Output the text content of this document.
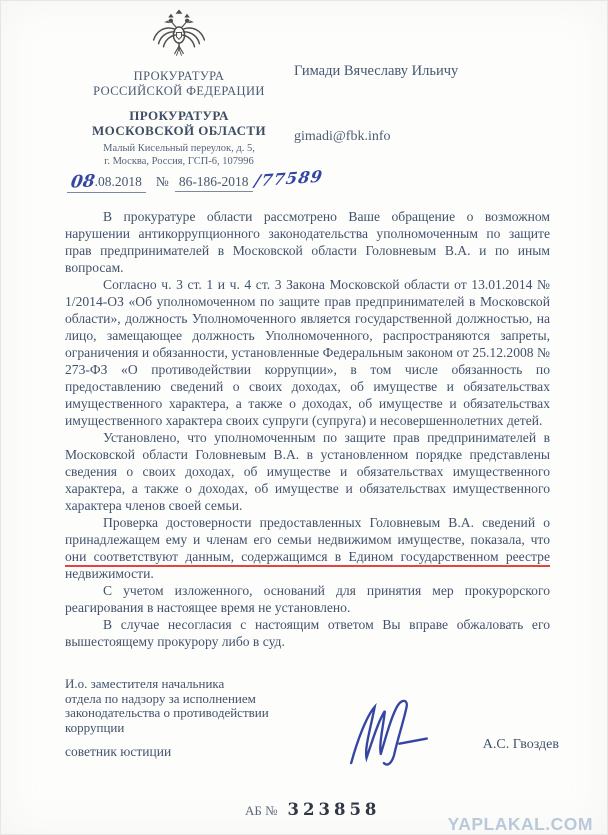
ПРОКУРАТУРА
РОССИЙСКОЙ ФЕДЕРАЦИИ
ПРОКУРАТУРА
МОСКОВСКОЙ ОБЛАСТИ
Малый Кисельный переулок, д. 5,
г. Москва, Россия, ГСП-6, 107996
Гимади Вячеславу Ильичу
gimadi@fbk.info
08.08.2018 № 86-186-2018 /77589

В прокуратуре области рассмотрено Ваше обращение о возможном нарушении антикоррупционного законодательства уполномоченным по защите прав предпринимателей в Московской области Головневым В.А. и по иным вопросам.

Согласно ч. 3 ст. 1 и ч. 4 ст. 3 Закона Московской области от 13.01.2014 № 1/2014-ОЗ «Об уполномоченном по защите прав предпринимателей в Московской области», должность Уполномоченного является государственной должностью, на лицо, замещающее должность Уполномоченного, распространяются запреты, ограничения и обязанности, установленные Федеральным законом от 25.12.2008 № 273-ФЗ «О противодействии коррупции», в том числе обязанность по предоставлению сведений о своих доходах, об имуществе и обязательствах имущественного характера, а также о доходах, об имуществе и обязательствах имущественного характера своих супруги (супруга) и несовершеннолетних детей.

Установлено, что уполномоченным по защите прав предпринимателей в Московской области Головневым В.А. в установленном порядке представлены сведения о своих доходах, об имуществе и обязательствах имущественного характера, а также о доходах, об имуществе и обязательствах имущественного характера членов своей семьи.

Проверка достоверности предоставленных Головневым В.А. сведений о принадлежащем ему и членам его семьи недвижимом имуществе, показала, что они соответствуют данным, содержащимся в Едином государственном реестре недвижимости.

С учетом изложенного, оснований для принятия мер прокурорского реагирования в настоящее время не установлено.

В случае несогласия с настоящим ответом Вы вправе обжаловать его вышестоящему прокурору либо в суд.

И.о. заместителя начальника
отдела по надзору за исполнением
законодательства о противодействии
коррупции
советник юстиции	А.С. Гвоздев
АБ № 323858
YAPLAKAL.COM
